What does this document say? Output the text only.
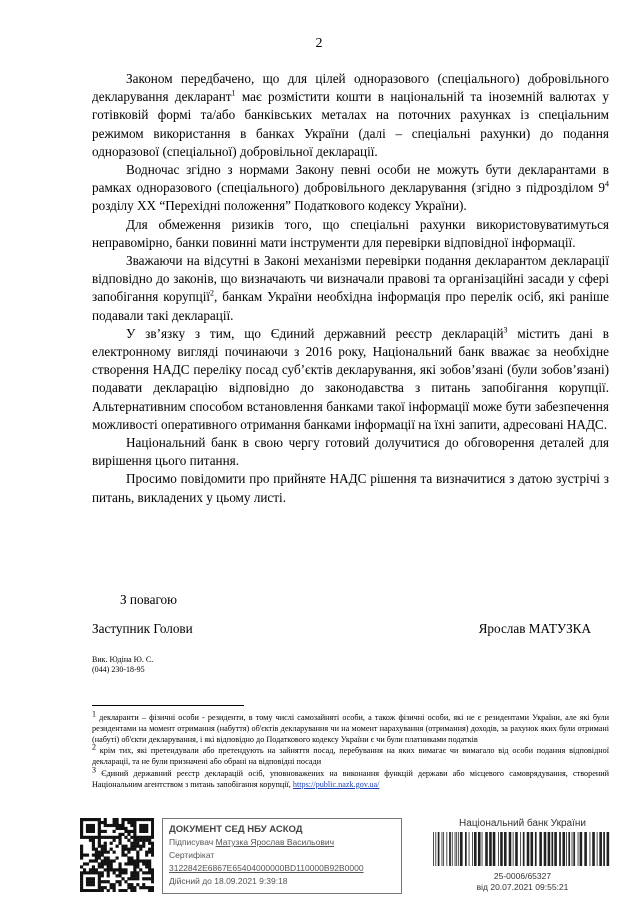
2

Законом передбачено, що для цілей одноразового (спеціального) добровільного декларування декларант$^1$ має розмістити кошти в національній та іноземній валютах у готівковій формі та/або банківських металах на поточних рахунках із спеціальним режимом використання в банках України (далі – спеціальні рахунки) до подання одноразової (спеціальної) добровільної декларації.

Водночас згідно з нормами Закону певні особи не можуть бути декларантами в рамках одноразового (спеціального) добровільного декларування (згідно з підрозділом $9^4$ розділу XX “Перехідні положення” Податкового кодексу України).

Для обмеження ризиків того, що спеціальні рахунки використовуватимуться неправомірно, банки повинні мати інструменти для перевірки відповідної інформації.

Зважаючи на відсутні в Законі механізми перевірки подання декларантом декларації відповідно до законів, що визначають чи визначали правові та організаційні засади у сфері запобігання корупції$^2$, банкам України необхідна інформація про перелік осіб, які раніше подавали такі декларації.

У зв’язку з тим, що Єдиний державний реєстр декларацій$^3$ містить дані в електронному вигляді починаючи з 2016 року, Національний банк вважає за необхідне створення НАДС переліку посад суб’єктів декларування, які зобов’язані (були зобов’язані) подавати декларацію відповідно до законодавства з питань запобігання корупції. Альтернативним способом встановлення банками такої інформації може бути забезпечення можливості оперативного отримання банками інформації на їхні запити, адресовані НАДС.

Національний банк в свою чергу готовий долучитися до обговорення деталей для вирішення цього питання.

Просимо повідомити про прийняте НАДС рішення та визначитися з датою зустрічі з питань, викладених у цьому листі.

З повагою
Заступник Голови	Ярослав МАТУЗКА
Вик. Юдіна Ю. С.
(044) 230-18-95

$^1$ декларанти – фізичні особи - резиденти, в тому числі самозайняті особи, а також фізичні особи, які не є резидентами України, але які були резидентами на момент отримання (набуття) об'єктів декларування чи на момент нарахування (отримання) доходів, за рахунок яких були отримані (набуті) об'єкти декларування, і які відповідно до Податкового кодексу України є чи були платниками податків

$^2$ крім тих, які претендували або претендують на зайняття посад, перебування на яких вимагає чи вимагало від особи подання відповідної декларації, та не були призначені або обрані на відповідні посади

$^3$ Єдиний державний реєстр декларацій осіб, уповноважених на виконання функцій держави або місцевого самоврядування, створений Національним агентством з питань запобігання корупції, https://public.nazk.gov.ua/

ДОКУМЕНТ СЕД НБУ АСКОД
Підписувач Матузка Ярослав Васильович
Сертифікат 3122842E6867E65404000000BD110000B92B0000
Дійсний до 18.09.2021 9:39:18
Національний банк України
25-0006/65327
від 20.07.2021 09:55:21
